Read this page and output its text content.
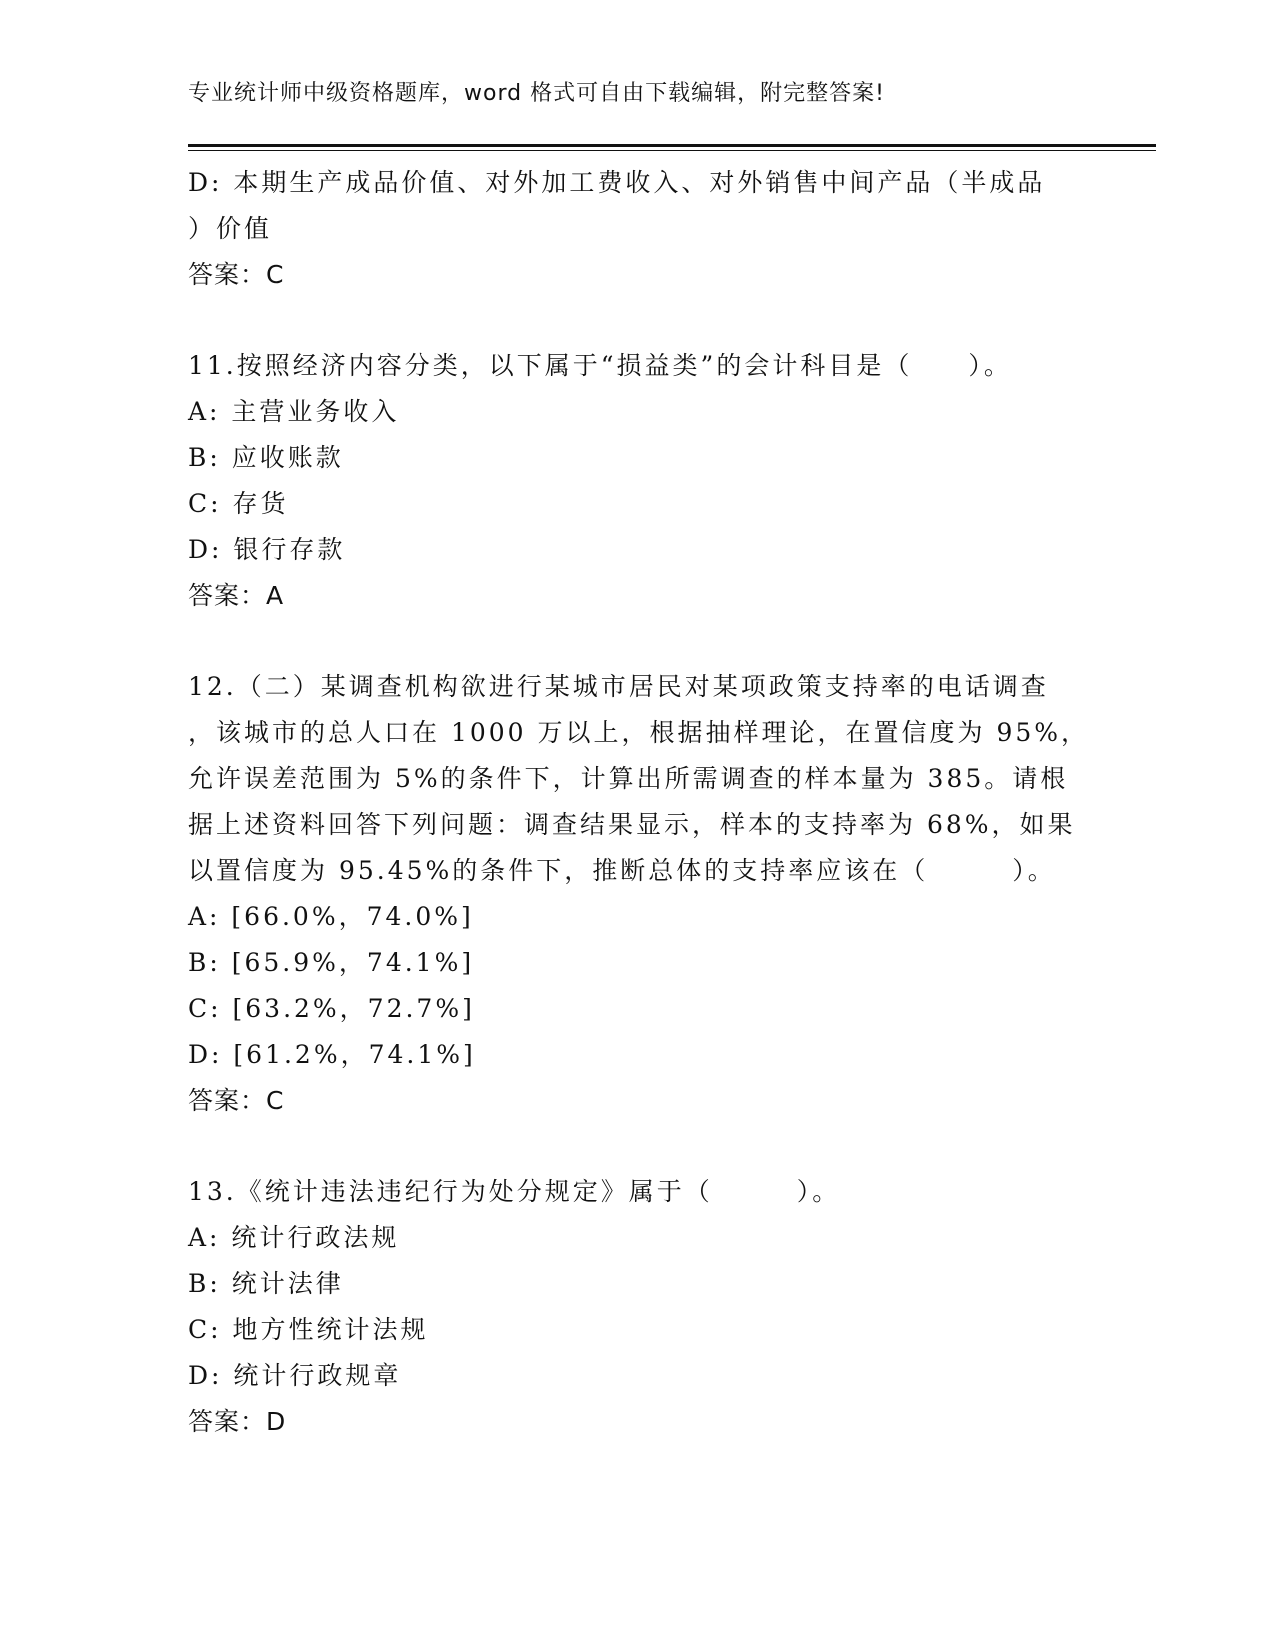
专业统计师中级资格题库，word 格式可自由下载编辑，附完整答案!
D: 本期生产成品价值、对外加工费收入、对外销售中间产品（半成品
）价值
答案：C
11.按照经济内容分类，以下属于“损益类”的会计科目是（　　）。
A: 主营业务收入
B: 应收账款
C: 存货
D: 银行存款
答案：A
12.（二）某调查机构欲进行某城市居民对某项政策支持率的电话调查
，该城市的总人口在 1000 万以上，根据抽样理论，在置信度为 95%，
允许误差范围为 5%的条件下，计算出所需调查的样本量为 385。请根
据上述资料回答下列问题：调查结果显示，样本的支持率为 68%，如果
以置信度为 95.45%的条件下，推断总体的支持率应该在（　　　）。
A: [66.0%，74.0%]
B: [65.9%，74.1%]
C: [63.2%，72.7%]
D: [61.2%，74.1%]
答案：C
13.《统计违法违纪行为处分规定》属于（　　　）。
A: 统计行政法规
B: 统计法律
C: 地方性统计法规
D: 统计行政规章
答案：D
